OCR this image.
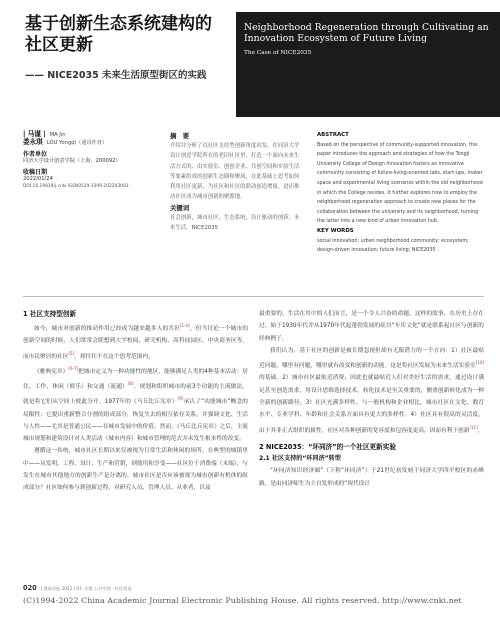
基于创新生态系统建构的
社区更新
—— NICE2035 未来生活原型街区的实践
Neighborhood Regeneration through Cultivating an Innovation Ecosystem of Future Living
The Case of NICE2035
| 马谨 | MA Jin
娄永琪 LOU Yongqi（通讯作者）
作者单位
同济大学设计创意学院（上海，200092）
收稿日期
2022/01/24
DOI 10.19819/j.cnki.ISSN0529-1399.202203003
摘　要
介绍并分析了以社区支持型创新角度出发，在同济大学设计创意学院所在的老旧社区里，打造一个面向未来生活方式的、由实验室、创创企业、共创空间和实验生活等要素组成的创新生态圈和聚场，在此基础上思考如何利用社区更新，为社区和社区的联动创造增量，进而推动社区成为城市创新的聚源地。
关键词
社会创新，城市社区，生态系统，设计驱动的创新，未来生活，NICE2035
ABSTRACT
Based on the perspective of community-supported innovation, this paper introduces the approach and strategies of how the Tongji University College of Design Innovation fosters an innovative community consisting of future-living-oriented labs, start-ups, maker space and experimental living scenarios within the old neighborhood in which the College resides. It further explores how to employ the neighborhood regeneration approach to create new places for the collaboration between the university and its neighborhood, turning the latter into a new kind of urban innovation hub.
KEY WORDS
social innovation; urban neighborhood community; ecosystem; design-driven innovation; future living; NICE2035

1 社区支持型创新

如今，城市对创新的推动作用已经成为越来越多人的共识[1-4]。但当讨论一个城市的创新空间的时候，人们常常会联想到大学校园、研究机构、高科技园区、中央商务区等，而市民聚居的社区[5]，却往往不在这个思考范围内。

《雅典宪章》[6-7]把城市定义为一种功能性的地区，能够满足人类的4种基本活动：居住、工作、休闲（娱乐）和交通（流通）[8]。规划和组织城市的前3个功能的主流做法，就是将它们从空间上彼此分开。1977年的《马丘比丘宪章》[9]承认了“功能城市”概念的局限性；它提出重新整合分割的组成部分，恢复失去的相互依存关系，并强调文化、生活与人性——尤其是普通公民——在城市发展中的价值。然而，《马丘比丘宪章》之后，主流城市规划和建筑设计对人类活动（城市内容）和城市管理的范式并未发生根本性的改变。

遵循这一传统，城市社区长期以来仅被视为日常生活和休闲的场所。在典型的城镇里中——从发明、工程、设计、生产和营销，到使用和享受——社区位于消费端（末端），与发生在城市其他地方的创新生产是分离的。城市社区是否应该被视为城市创新有机体的组成部分？社区如何参与到创新过程，对研究人员、管理人员、从业者，以及

最重要的，生活在其中的人们而言，是一个令人兴奋的命题。这样的故事，在历史上存在过。始于1930年代并从1970年代起蓬勃发展的硅谷“车库文化”就是联系起社区与创新的经典例子。

我们认为，基于社区的创新是被长期忽视但却有无限潜力的一个方向：1）社区最贴近问题，哪里有问题，哪里就有改变和创新的动能。这是将社区发展为未来生活实验室[10]的基础。2）城市社区最贴近消费，因此也就最贴近人们对美好生活的需求，通过设计满足甚至创造需求，用设计思维选择技术，转化技术是至关重要的，侧重创新转化成为一种全新的创新路径。3）社区充满多样性。与一般机构和企业相比，城市社区在文化、数育水平、专业学科、年龄和社会关系方面具有更大的多样性。4）社区具有很高的灵活度。由于其非正式组织的属性，社区对各种创新的宽容度和包容度更高，因而有利于创新[11]。

2 NICE2035：“环同济”的一个社区更新实验

2.1 社区支持的“环同济”转型

“环同济知识经济圈”（下称“环同济”）于21世纪初发轫于同济大学四平校区的赤峰路，是由同济师生为主自发形成的“现代设计

020 | 建筑学报 2022 | 03 专题 公共空间 · 社区营造
(C)1994-2022 China Academic Journal Electronic Publishing House. All rights reserved. http://www.cnki.net
